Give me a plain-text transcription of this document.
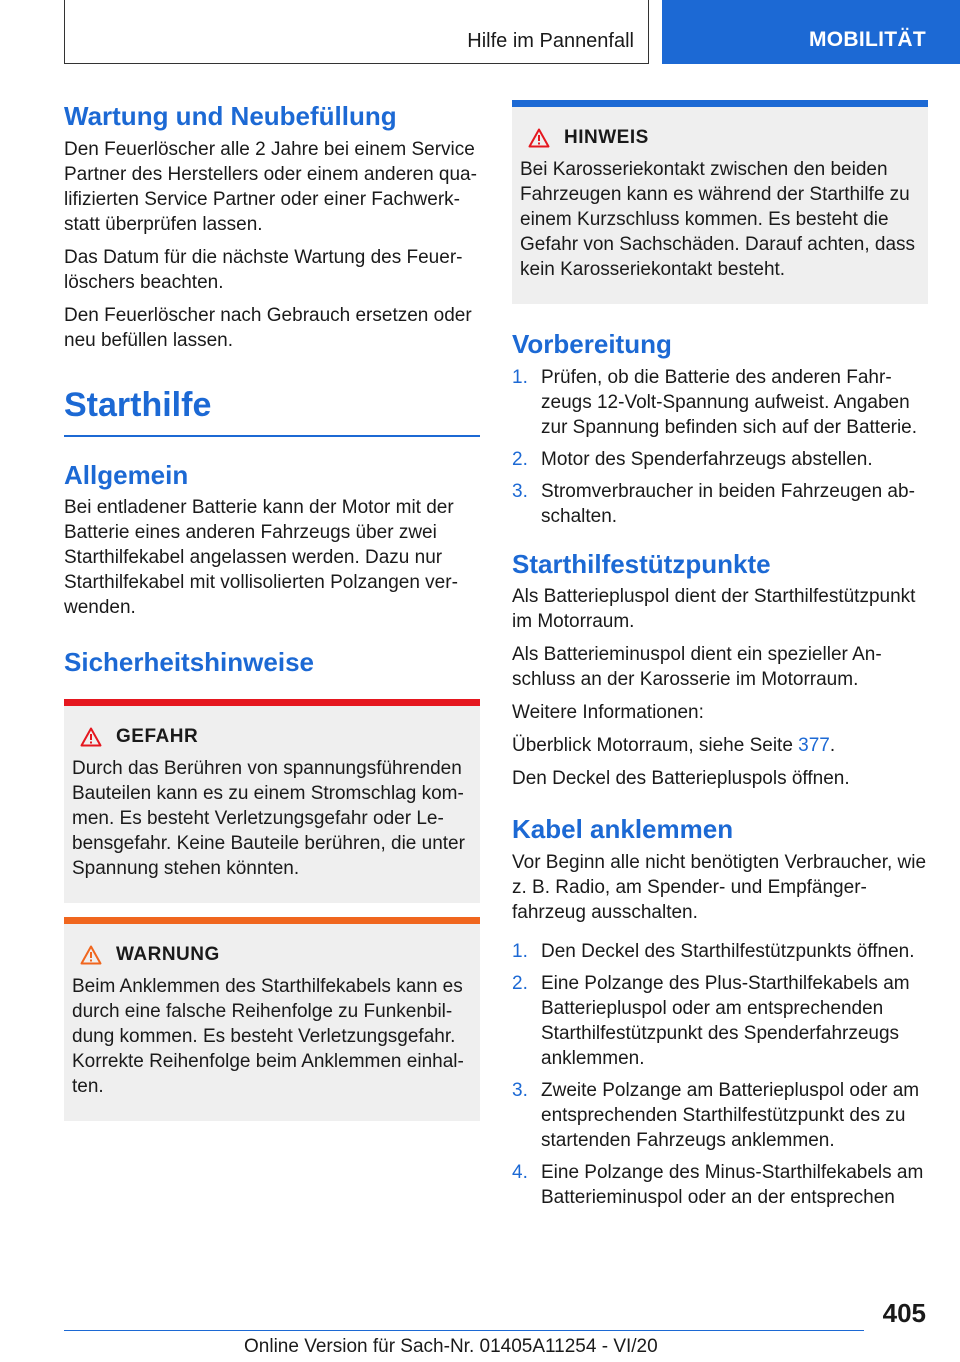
Hilfe im Pannenfall	MOBILITÄT
Wartung und Neubefüllung

Den Feuerlöscher alle 2 Jahre bei einem Service Partner des Herstellers oder einem anderen qualifizierten Service Partner oder einer Fachwerkstatt überprüfen lassen.

Das Datum für die nächste Wartung des Feuerlöschers beachten.

Den Feuerlöscher nach Gebrauch ersetzen oder neu befüllen lassen.

Starthilfe
Allgemein

Bei entladener Batterie kann der Motor mit der Batterie eines anderen Fahrzeugs über zwei Starthilfekabel angelassen werden. Dazu nur Starthilfekabel mit vollisolierten Polzangen verwenden.

Sicherheitshinweise
GEFAHR

Durch das Berühren von spannungsführenden Bauteilen kann es zu einem Stromschlag kommen. Es besteht Verletzungsgefahr oder Lebensgefahr. Keine Bauteile berühren, die unter Spannung stehen könnten.

WARNUNG

Beim Anklemmen des Starthilfekabels kann es durch eine falsche Reihenfolge zu Funkenbildung kommen. Es besteht Verletzungsgefahr. Korrekte Reihenfolge beim Anklemmen einhalten.

HINWEIS

Bei Karosseriekontakt zwischen den beiden Fahrzeugen kann es während der Starthilfe zu einem Kurzschluss kommen. Es besteht die Gefahr von Sachschäden. Darauf achten, dass kein Karosseriekontakt besteht.

Vorbereitung
1. Prüfen, ob die Batterie des anderen Fahrzeugs 12-Volt-Spannung aufweist. Angaben zur Spannung befinden sich auf der Batterie.
2. Motor des Spenderfahrzeugs abstellen.
3. Stromverbraucher in beiden Fahrzeugen abschalten.
Starthilfestützpunkte

Als Batteriepluspol dient der Starthilfestützpunkt im Motorraum.

Als Batterieminuspol dient ein spezieller Anschluss an der Karosserie im Motorraum.

Weitere Informationen:

Überblick Motorraum, siehe Seite 377.

Den Deckel des Batteriepluspols öffnen.

Kabel anklemmen

Vor Beginn alle nicht benötigten Verbraucher, wie z. B. Radio, am Spender- und Empfängerfahrzeug ausschalten.

1. Den Deckel des Starthilfestützpunkts öffnen.
2. Eine Polzange des Plus-Starthilfekabels am Batteriepluspol oder am entsprechenden Starthilfestützpunkt des Spenderfahrzeugs anklemmen.
3. Zweite Polzange am Batteriepluspol oder am entsprechenden Starthilfestützpunkt des zu startenden Fahrzeugs anklemmen.
4. Eine Polzange des Minus-Starthilfekabels am Batterieminuspol oder an der entsprechen
405
Online Version für Sach-Nr. 01405A11254 - VI/20
